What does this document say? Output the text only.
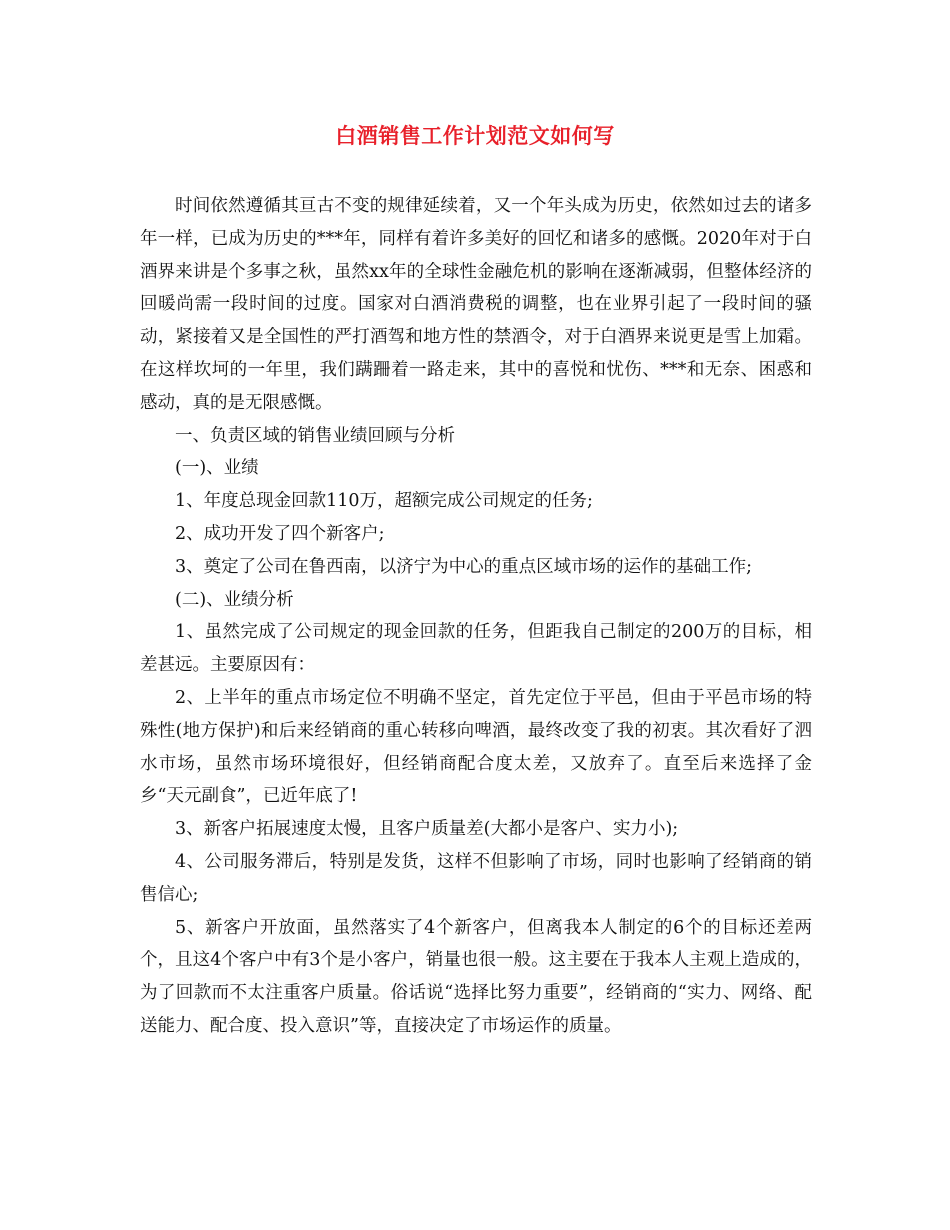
白酒销售工作计划范文如何写

时间依然遵循其亘古不变的规律延续着，又一个年头成为历史，依然如过去的诸多年一样，已成为历史的***年，同样有着许多美好的回忆和诸多的感慨。2020年对于白酒界来讲是个多事之秋，虽然xx年的全球性金融危机的影响在逐渐减弱，但整体经济的回暖尚需一段时间的过度。国家对白酒消费税的调整，也在业界引起了一段时间的骚动，紧接着又是全国性的严打酒驾和地方性的禁酒令，对于白酒界来说更是雪上加霜。在这样坎坷的一年里，我们蹒跚着一路走来，其中的喜悦和忧伤、***和无奈、困惑和感动，真的是无限感慨。

一、负责区域的销售业绩回顾与分析

(一)、业绩

1、年度总现金回款110万，超额完成公司规定的任务;

2、成功开发了四个新客户;

3、奠定了公司在鲁西南，以济宁为中心的重点区域市场的运作的基础工作;

(二)、业绩分析

1、虽然完成了公司规定的现金回款的任务，但距我自己制定的200万的目标，相差甚远。主要原因有：

2、上半年的重点市场定位不明确不坚定，首先定位于平邑，但由于平邑市场的特殊性(地方保护)和后来经销商的重心转移向啤酒，最终改变了我的初衷。其次看好了泗水市场，虽然市场环境很好，但经销商配合度太差，又放弃了。直至后来选择了金乡“天元副食”，已近年底了!

3、新客户拓展速度太慢，且客户质量差(大都小是客户、实力小);

4、公司服务滞后，特别是发货，这样不但影响了市场，同时也影响了经销商的销售信心;

5、新客户开放面，虽然落实了4个新客户，但离我本人制定的6个的目标还差两个，且这4个客户中有3个是小客户，销量也很一般。这主要在于我本人主观上造成的，为了回款而不太注重客户质量。俗话说“选择比努力重要”，经销商的“实力、网络、配送能力、配合度、投入意识”等，直接决定了市场运作的质量。
